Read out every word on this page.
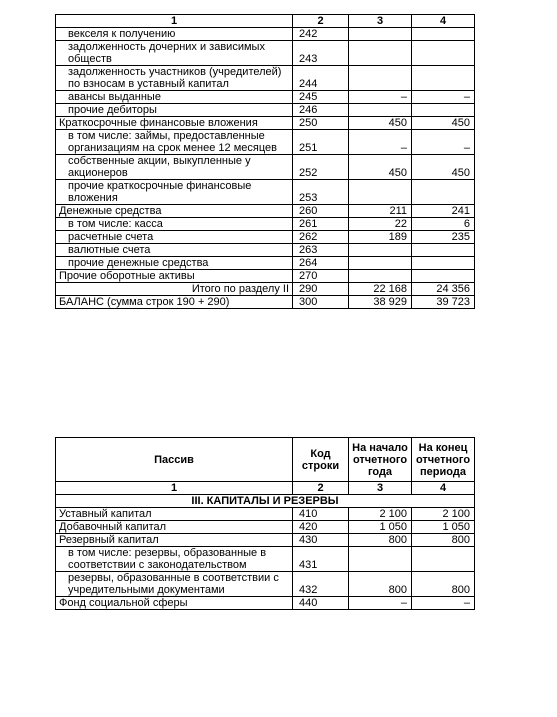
1	2	3	4
векселя к получению	242		
задолженность дочерних и зависимых обществ	243		
задолженность участников (учредителей) по взносам в уставный капитал	244		
авансы выданные	245	–	–
прочие дебиторы	246		
Краткосрочные финансовые вложения	250	450	450
в том числе: займы, предоставленные организациям на срок менее 12 месяцев	251	–	–
собственные акции, выкупленные у акционеров	252	450	450
прочие краткосрочные финансовые вложения	253		
Денежные средства	260	211	241
в том числе: касса	261	22	6
расчетные счета	262	189	235
валютные счета	263		
прочие денежные средства	264		
Прочие оборотные активы	270		
Итого по разделу II	290	22 168	24 356
БАЛАНС (сумма строк 190 + 290)	300	38 929	39 723
Пассив	Код строки	На начало отчетного года	На конец отчетного периода
1	2	3	4
III. КАПИТАЛЫ И РЕЗЕРВЫ			
Уставный капитал	410	2 100	2 100
Добавочный капитал	420	1 050	1 050
Резервный капитал	430	800	800
в том числе: резервы, образованные в соответствии с законодательством	431		
резервы, образованные в соответствии с учредительными документами	432	800	800
Фонд социальной сферы	440	–	–
